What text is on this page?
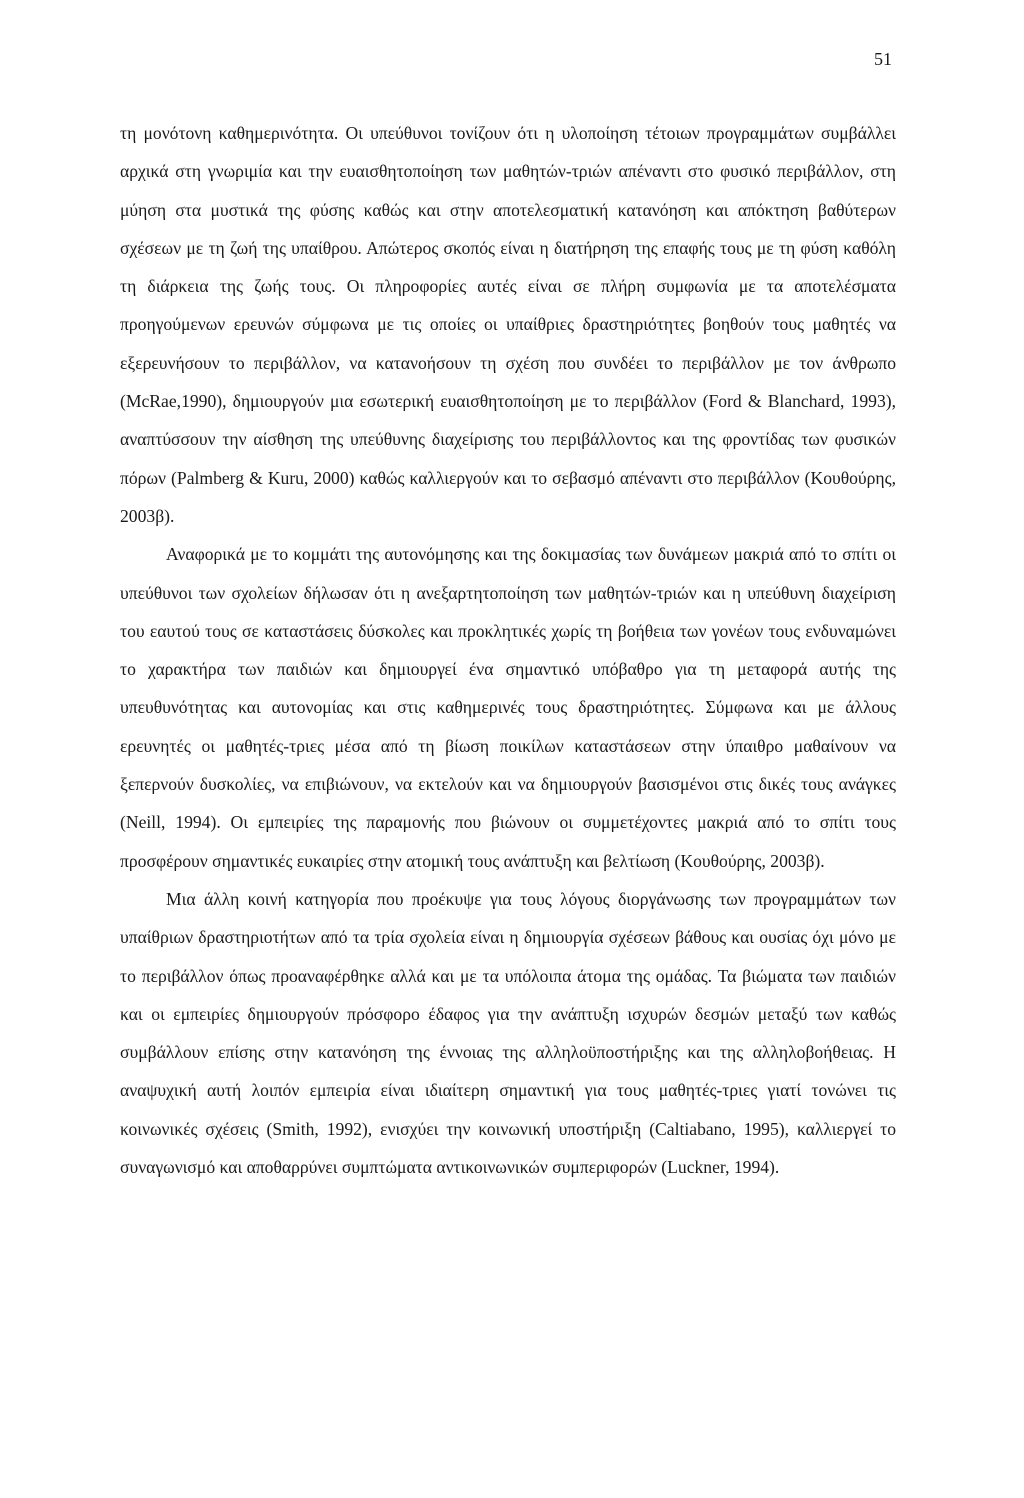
51

τη μονότονη καθημερινότητα. Οι υπεύθυνοι τονίζουν ότι η υλοποίηση τέτοιων προγραμμάτων συμβάλλει αρχικά στη γνωριμία και την ευαισθητοποίηση των μαθητών-τριών απέναντι στο φυσικό περιβάλλον, στη μύηση στα μυστικά της φύσης καθώς και στην αποτελεσματική κατανόηση και απόκτηση βαθύτερων σχέσεων με τη ζωή της υπαίθρου. Απώτερος σκοπός είναι η διατήρηση της επαφής τους με τη φύση καθόλη τη διάρκεια της ζωής τους. Οι πληροφορίες αυτές είναι σε πλήρη συμφωνία με τα αποτελέσματα προηγούμενων ερευνών σύμφωνα με τις οποίες οι υπαίθριες δραστηριότητες βοηθούν τους μαθητές να εξερευνήσουν το περιβάλλον, να κατανοήσουν τη σχέση που συνδέει το περιβάλλον με τον άνθρωπο (McRae,1990), δημιουργούν μια εσωτερική ευαισθητοποίηση με το περιβάλλον (Ford & Blanchard, 1993), αναπτύσσουν την αίσθηση της υπεύθυνης διαχείρισης του περιβάλλοντος και της φροντίδας των φυσικών πόρων (Palmberg & Kuru, 2000) καθώς καλλιεργούν και το σεβασμό απέναντι στο περιβάλλον (Κουθούρης, 2003β).

Αναφορικά με το κομμάτι της αυτονόμησης και της δοκιμασίας των δυνάμεων μακριά από το σπίτι οι υπεύθυνοι των σχολείων δήλωσαν ότι η ανεξαρτητοποίηση των μαθητών-τριών και η υπεύθυνη διαχείριση του εαυτού τους σε καταστάσεις δύσκολες και προκλητικές χωρίς τη βοήθεια των γονέων τους ενδυναμώνει το χαρακτήρα των παιδιών και δημιουργεί ένα σημαντικό υπόβαθρο για τη μεταφορά αυτής της υπευθυνότητας και αυτονομίας και στις καθημερινές τους δραστηριότητες. Σύμφωνα και με άλλους ερευνητές οι μαθητές-τριες μέσα από τη βίωση ποικίλων καταστάσεων στην ύπαιθρο μαθαίνουν να ξεπερνούν δυσκολίες, να επιβιώνουν, να εκτελούν και να δημιουργούν βασισμένοι στις δικές τους ανάγκες (Neill, 1994). Οι εμπειρίες της παραμονής που βιώνουν οι συμμετέχοντες μακριά από το σπίτι τους προσφέρουν σημαντικές ευκαιρίες στην ατομική τους ανάπτυξη και βελτίωση (Κουθούρης, 2003β).

Μια άλλη κοινή κατηγορία που προέκυψε για τους λόγους διοργάνωσης των προγραμμάτων των υπαίθριων δραστηριοτήτων από τα τρία σχολεία είναι η δημιουργία σχέσεων βάθους και ουσίας όχι μόνο με το περιβάλλον όπως προαναφέρθηκε αλλά και με τα υπόλοιπα άτομα της ομάδας. Τα βιώματα των παιδιών και οι εμπειρίες δημιουργούν πρόσφορο έδαφος για την ανάπτυξη ισχυρών δεσμών μεταξύ των καθώς συμβάλλουν επίσης στην κατανόηση της έννοιας της αλληλοϋποστήριξης και της αλληλοβοήθειας. Η αναψυχική αυτή λοιπόν εμπειρία είναι ιδιαίτερη σημαντική για τους μαθητές-τριες γιατί τονώνει τις κοινωνικές σχέσεις (Smith, 1992), ενισχύει την κοινωνική υποστήριξη (Caltiabano, 1995), καλλιεργεί το συναγωνισμό και αποθαρρύνει συμπτώματα αντικοινωνικών συμπεριφορών (Luckner, 1994).
